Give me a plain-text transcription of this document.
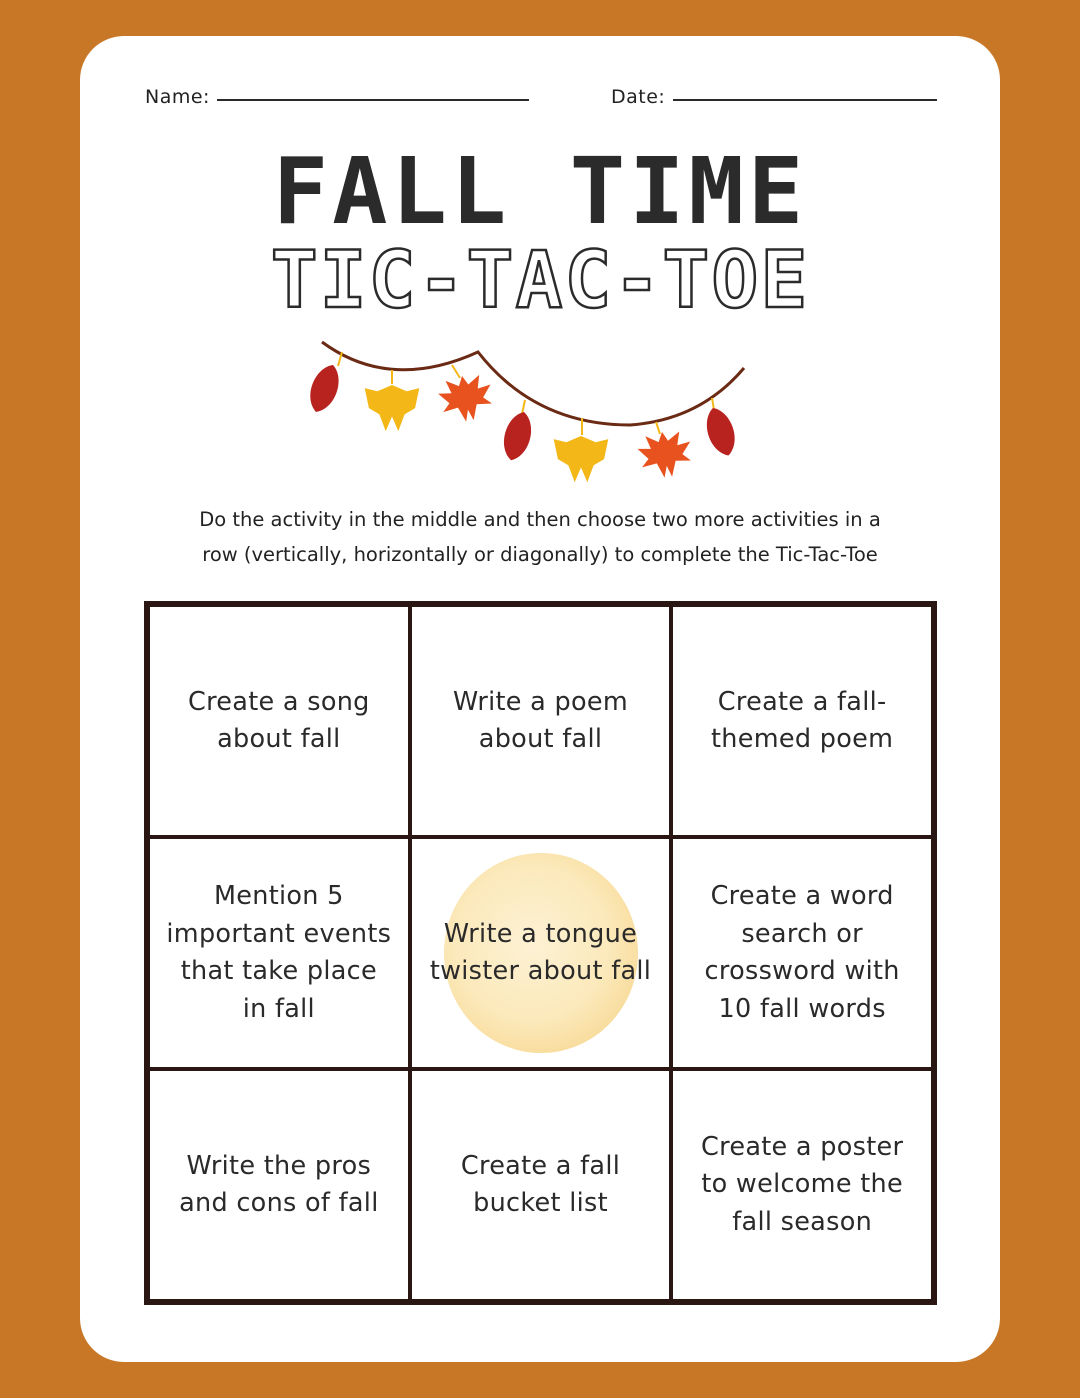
Name:	Date:
FALL TIME
TIC-TAC-TOE
Do the activity in the middle and then choose two more activities in a
row (vertically, horizontally or diagonally) to complete the Tic-Tac-Toe
Create a song
about fall
Write a poem
about fall
Create a fall-
themed poem
Mention 5
important events
that take place
in fall
Write a tongue
twister about fall
Create a word
search or
crossword with
10 fall words
Write the pros
and cons of fall
Create a fall
bucket list
Create a poster
to welcome the
fall season
